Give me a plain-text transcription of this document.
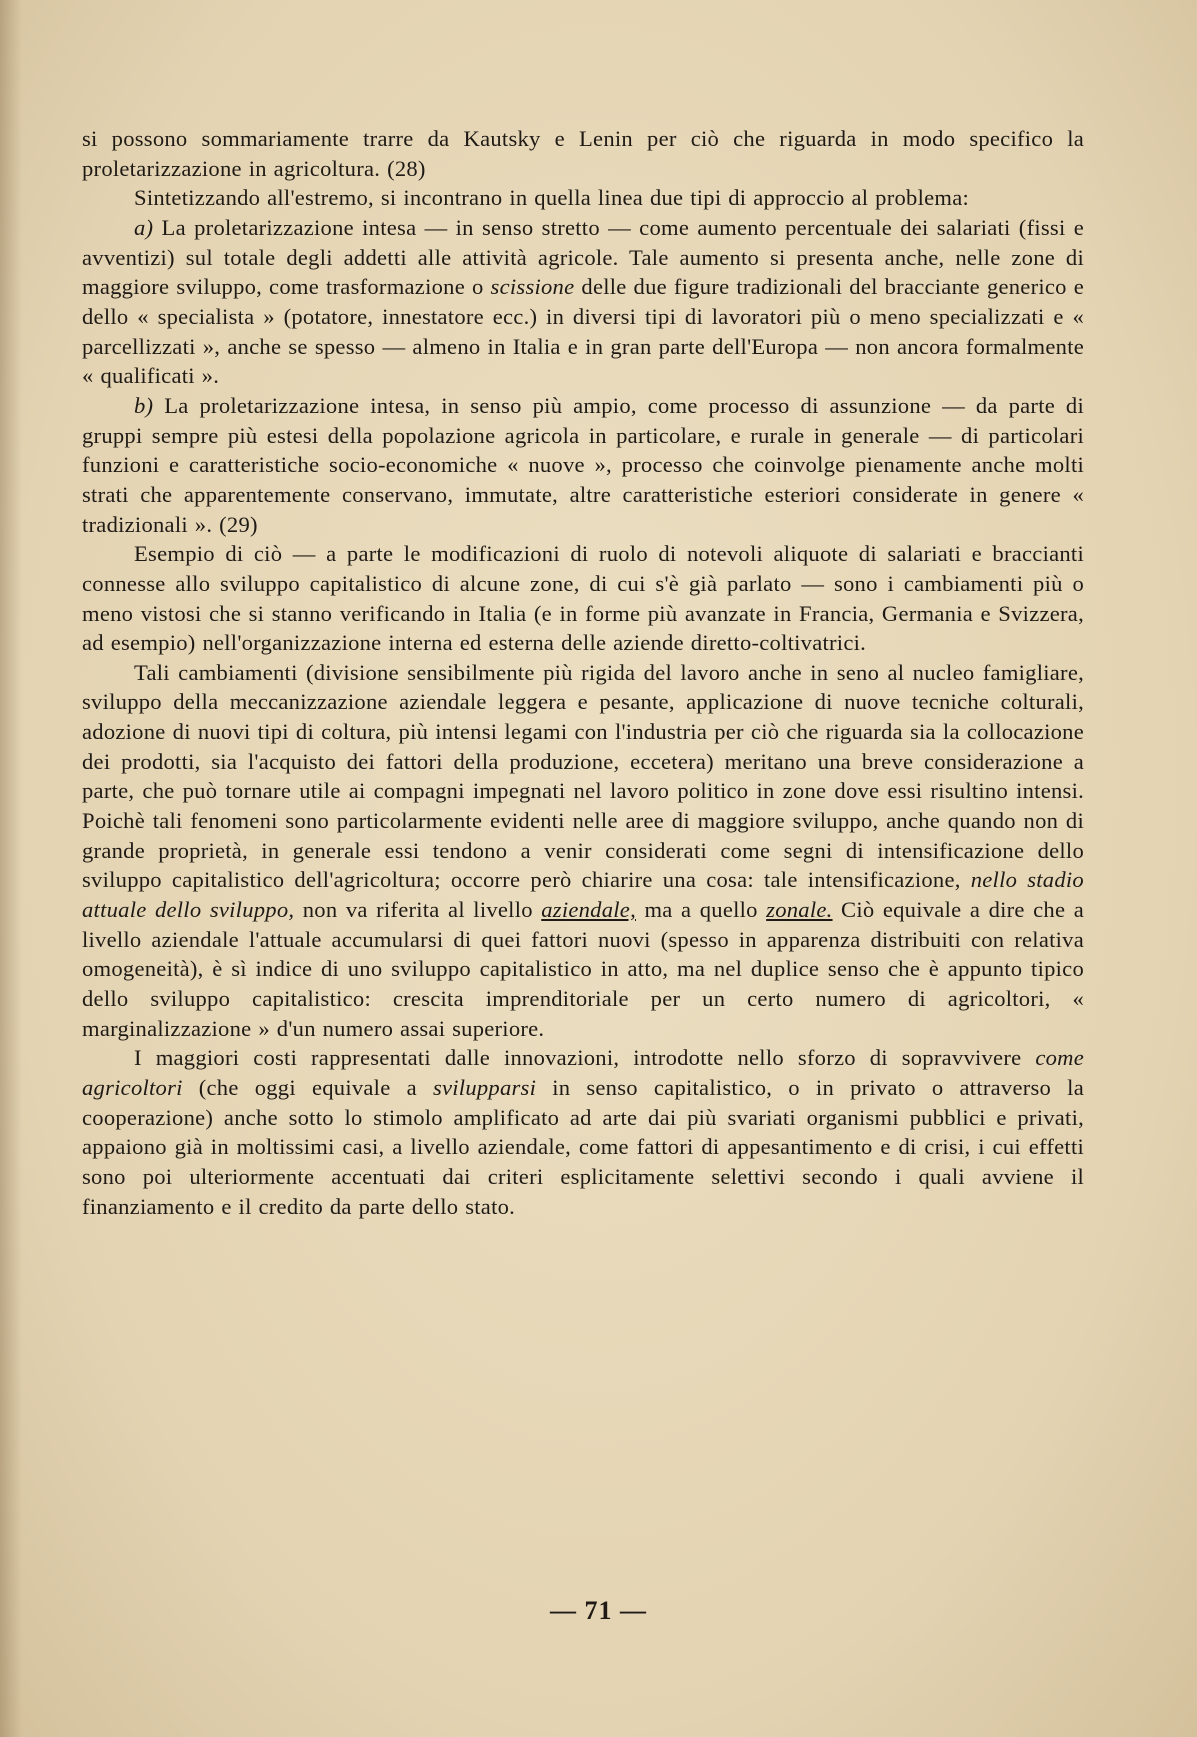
si possono sommariamente trarre da Kautsky e Lenin per ciò che riguarda in modo specifico la proletarizzazione in agricoltura. (28)

Sintetizzando all'estremo, si incontrano in quella linea due tipi di approccio al problema:

a) La proletarizzazione intesa — in senso stretto — come aumento percentuale dei salariati (fissi e avventizi) sul totale degli addetti alle attività agricole. Tale aumento si presenta anche, nelle zone di maggiore sviluppo, come trasformazione o scissione delle due figure tradizionali del bracciante generico e dello « specialista » (potatore, innestatore ecc.) in diversi tipi di lavoratori più o meno specializzati e « parcellizzati », anche se spesso — almeno in Italia e in gran parte dell'Europa — non ancora formalmente « qualificati ».

b) La proletarizzazione intesa, in senso più ampio, come processo di assunzione — da parte di gruppi sempre più estesi della popolazione agricola in particolare, e rurale in generale — di particolari funzioni e caratteristiche socio-economiche « nuove », processo che coinvolge pienamente anche molti strati che apparentemente conservano, immutate, altre caratteristiche esteriori considerate in genere « tradizionali ». (29)

Esempio di ciò — a parte le modificazioni di ruolo di notevoli aliquote di salariati e braccianti connesse allo sviluppo capitalistico di alcune zone, di cui s'è già parlato — sono i cambiamenti più o meno vistosi che si stanno verificando in Italia (e in forme più avanzate in Francia, Germania e Svizzera, ad esempio) nell'organizzazione interna ed esterna delle aziende diretto-coltivatrici.

Tali cambiamenti (divisione sensibilmente più rigida del lavoro anche in seno al nucleo famigliare, sviluppo della meccanizzazione aziendale leggera e pesante, applicazione di nuove tecniche colturali, adozione di nuovi tipi di coltura, più intensi legami con l'industria per ciò che riguarda sia la collocazione dei prodotti, sia l'acquisto dei fattori della produzione, eccetera) meritano una breve considerazione a parte, che può tornare utile ai compagni impegnati nel lavoro politico in zone dove essi risultino intensi. Poichè tali fenomeni sono particolarmente evidenti nelle aree di maggiore sviluppo, anche quando non di grande proprietà, in generale essi tendono a venir considerati come segni di intensificazione dello sviluppo capitalistico dell'agricoltura; occorre però chiarire una cosa: tale intensificazione, nello stadio attuale dello sviluppo, non va riferita al livello aziendale, ma a quello zonale. Ciò equivale a dire che a livello aziendale l'attuale accumularsi di quei fattori nuovi (spesso in apparenza distribuiti con relativa omogeneità), è sì indice di uno sviluppo capitalistico in atto, ma nel duplice senso che è appunto tipico dello sviluppo capitalistico: crescita imprenditoriale per un certo numero di agricoltori, « marginalizzazione » d'un numero assai superiore.

I maggiori costi rappresentati dalle innovazioni, introdotte nello sforzo di sopravvivere come agricoltori (che oggi equivale a svilupparsi in senso capitalistico, o in privato o attraverso la cooperazione) anche sotto lo stimolo amplificato ad arte dai più svariati organismi pubblici e privati, appaiono già in moltissimi casi, a livello aziendale, come fattori di appesantimento e di crisi, i cui effetti sono poi ulteriormente accentuati dai criteri esplicitamente selettivi secondo i quali avviene il finanziamento e il credito da parte dello stato.

— 71 —
